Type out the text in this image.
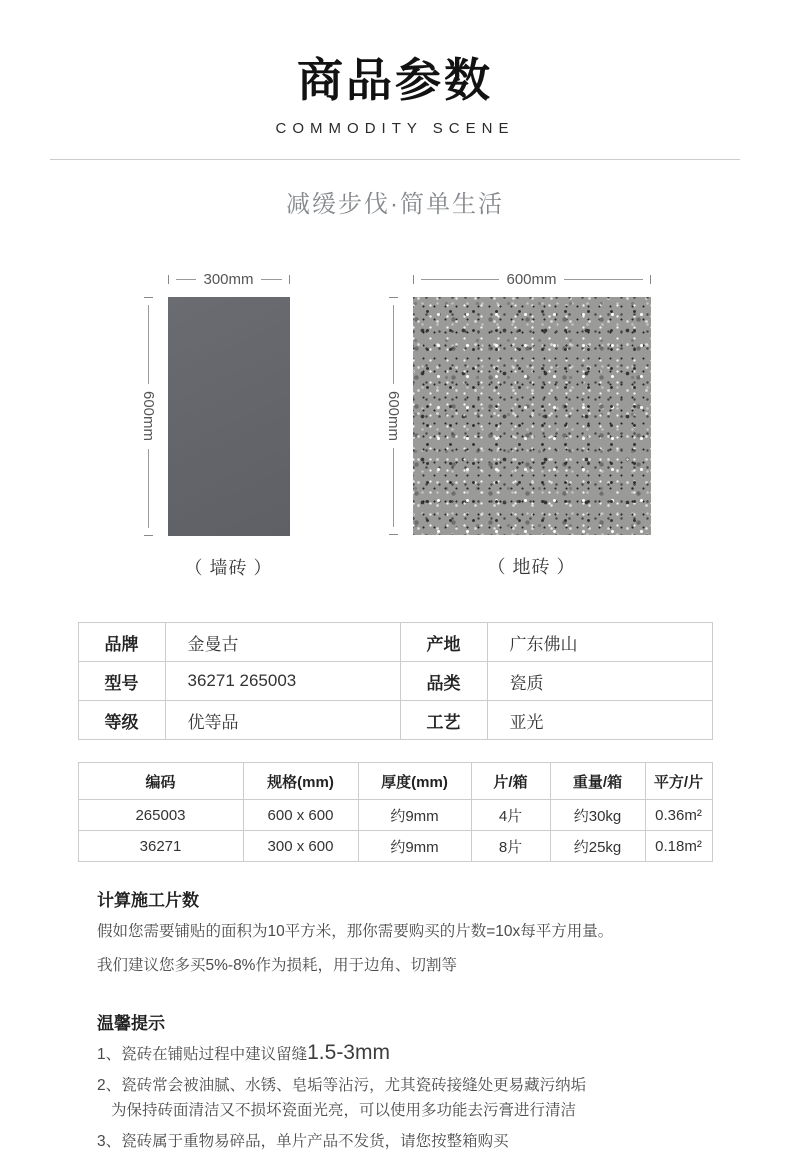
商品参数
COMMODITY SCENE
减缓步伐·简单生活
300mm
600mm
（ 墙砖 ）
600mm
600mm
（ 地砖 ）
品牌	金曼古	产地	广东佛山
型号	36271 265003	品类	瓷质
等级	优等品	工艺	亚光
编码	规格(mm)	厚度(mm)	片/箱	重量/箱	平方/片
265003	600 x 600	约9mm	4片	约30kg	0.36m²
36271	300 x 600	约9mm	8片	约25kg	0.18m²
计算施工片数

假如您需要铺贴的面积为10平方米，那你需要购买的片数=10x每平方用量。

我们建议您多买5%-8%作为损耗，用于边角、切割等

温馨提示
1、瓷砖在铺贴过程中建议留缝1.5-3mm
2、瓷砖常会被油腻、水锈、皂垢等沾污，尤其瓷砖接缝处更易藏污纳垢
为保持砖面清洁又不损坏瓷面光亮，可以使用多功能去污膏进行清洁
3、瓷砖属于重物易碎品，单片产品不发货，请您按整箱购买
